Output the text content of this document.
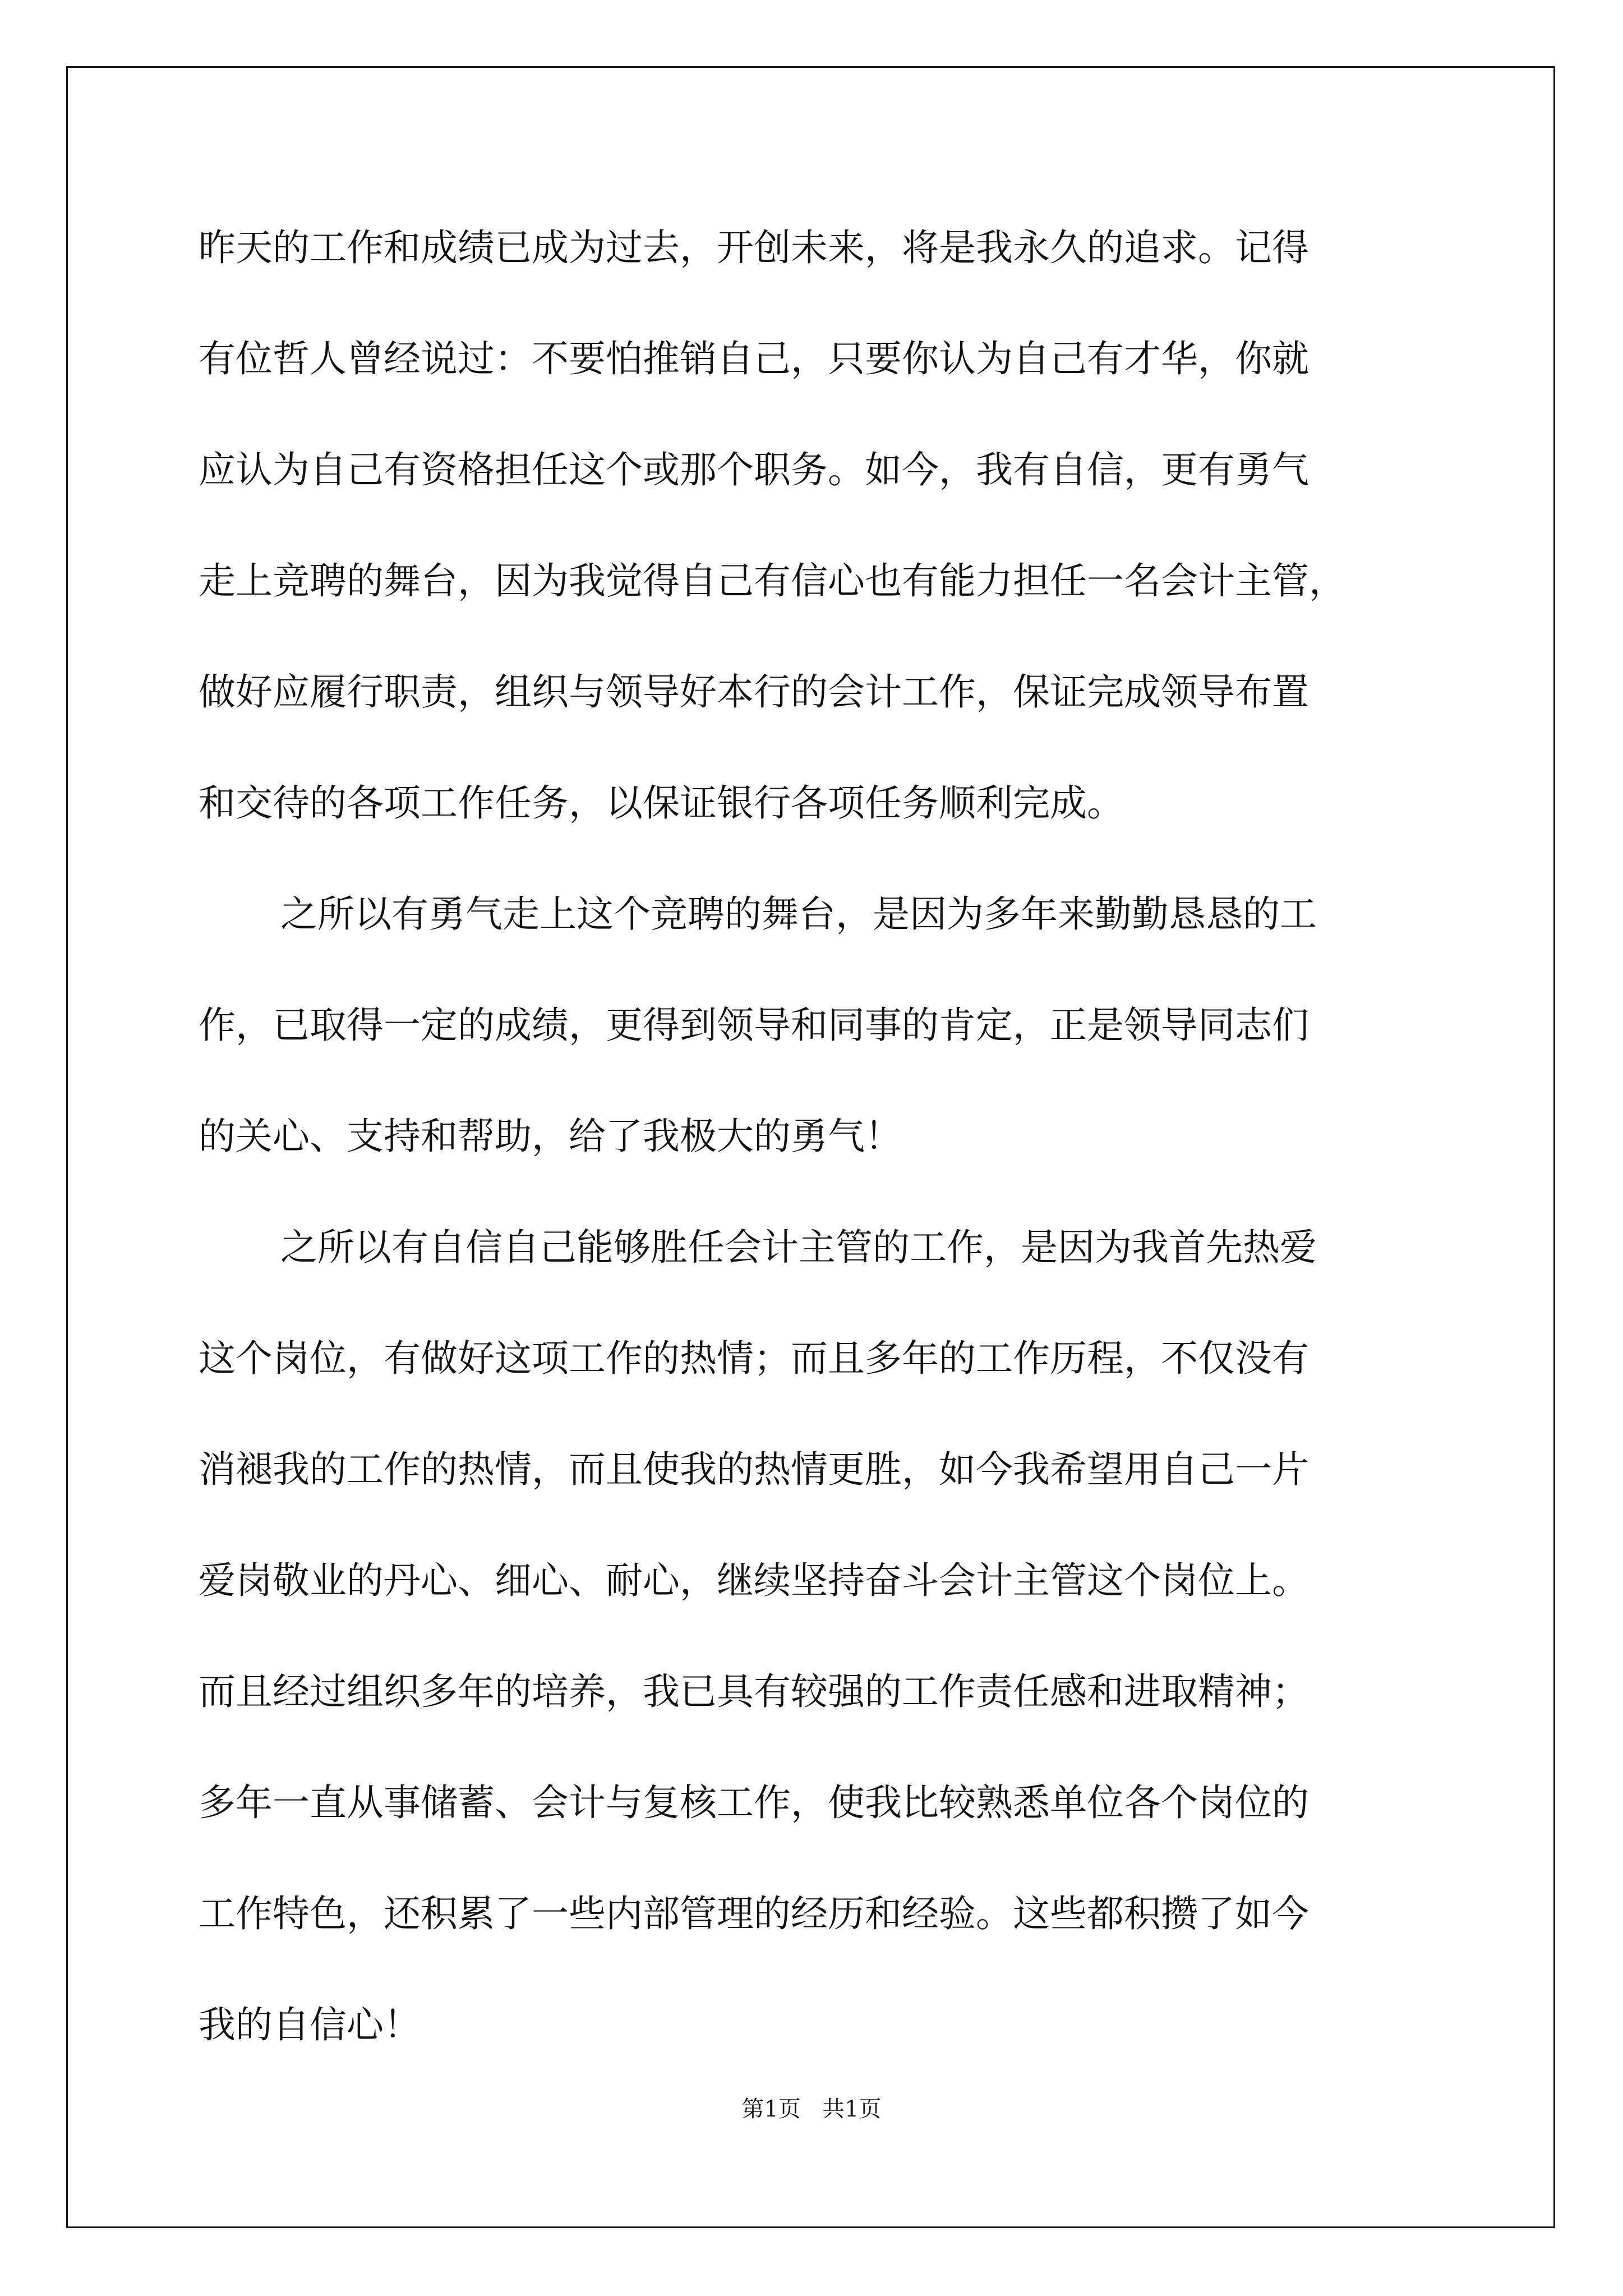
昨天的工作和成绩已成为过去，开创未来，将是我永久的追求。记得

有位哲人曾经说过：不要怕推销自己，只要你认为自己有才华，你就

应认为自己有资格担任这个或那个职务。如今，我有自信，更有勇气

走上竞聘的舞台，因为我觉得自己有信心也有能力担任一名会计主管，

做好应履行职责，组织与领导好本行的会计工作，保证完成领导布置

和交待的各项工作任务，以保证银行各项任务顺利完成。

之所以有勇气走上这个竞聘的舞台，是因为多年来勤勤恳恳的工

作，已取得一定的成绩，更得到领导和同事的肯定，正是领导同志们

的关心、支持和帮助，给了我极大的勇气！

之所以有自信自己能够胜任会计主管的工作，是因为我首先热爱

这个岗位，有做好这项工作的热情；而且多年的工作历程，不仅没有

消褪我的工作的热情，而且使我的热情更胜，如今我希望用自己一片

爱岗敬业的丹心、细心、耐心，继续坚持奋斗会计主管这个岗位上。

而且经过组织多年的培养，我已具有较强的工作责任感和进取精神；

多年一直从事储蓄、会计与复核工作，使我比较熟悉单位各个岗位的

工作特色，还积累了一些内部管理的经历和经验。这些都积攒了如今

我的自信心！

第1页   共1页
